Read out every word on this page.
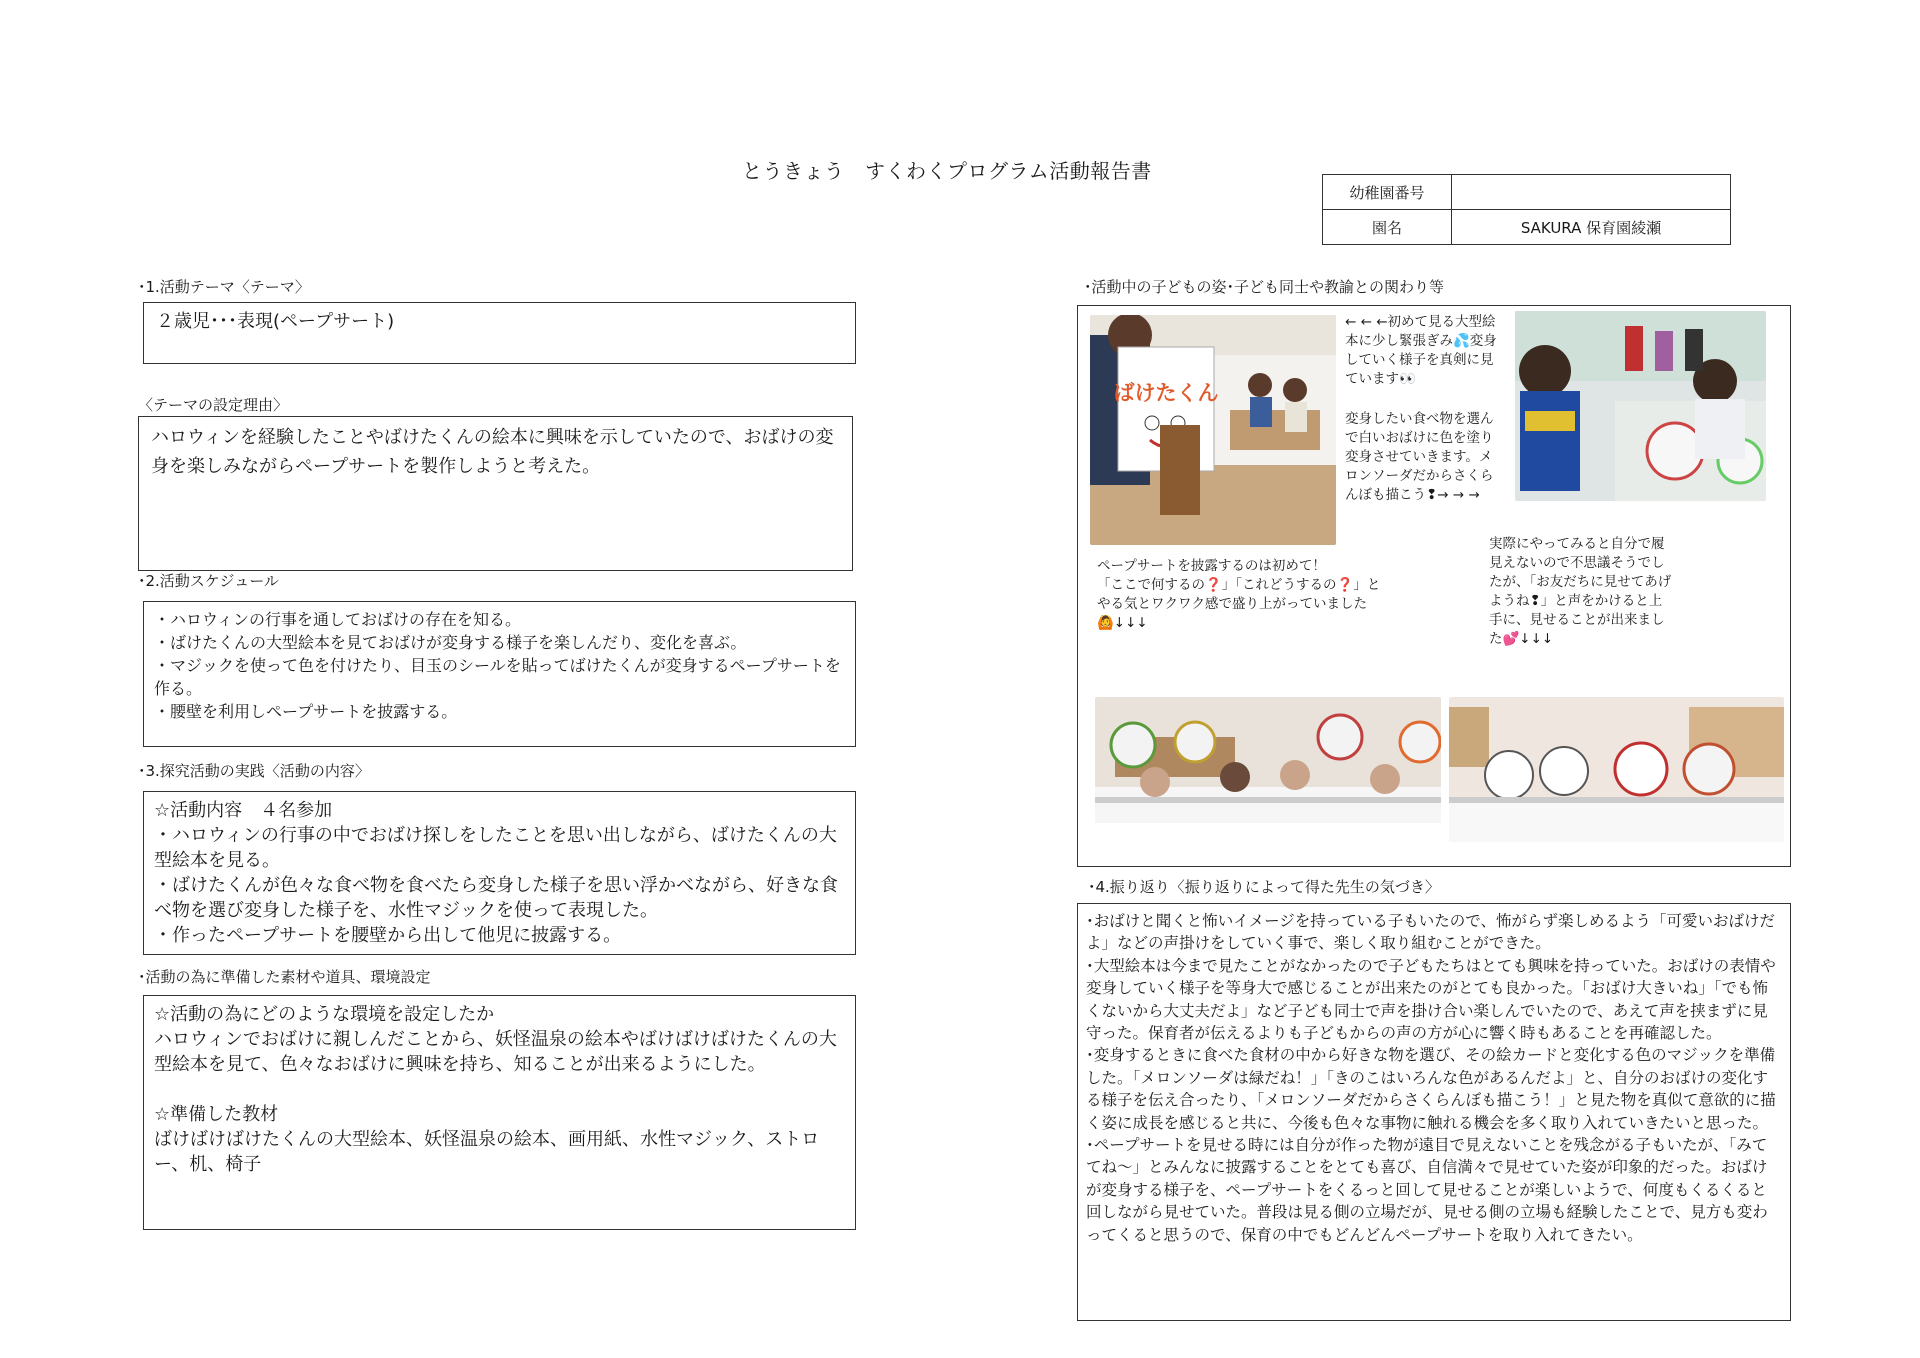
とうきょう　すくわくプログラム活動報告書
幼稚園番号	
園名	SAKURA 保育園綾瀬
･1.活動テーマ〈テーマ〉

２歳児･･･表現(ペープサート)

〈テーマの設定理由〉

ハロウィンを経験したことやばけたくんの絵本に興味を示していたので、おばけの変身を楽しみながらペープサートを製作しようと考えた。

･2.活動スケジュール
・ハロウィンの行事を通しておばけの存在を知る。
・ばけたくんの大型絵本を見ておばけが変身する様子を楽しんだり、変化を喜ぶ。
・マジックを使って色を付けたり、目玉のシールを貼ってばけたくんが変身するペープサートを作る。
・腰壁を利用しペープサートを披露する。
･3.探究活動の実践〈活動の内容〉
☆活動内容　４名参加
・ハロウィンの行事の中でおばけ探しをしたことを思い出しながら、ばけたくんの大型絵本を見る。
・ばけたくんが色々な食べ物を食べたら変身した様子を思い浮かべながら、好きな食べ物を選び変身した様子を、水性マジックを使って表現した。
・作ったペープサートを腰壁から出して他児に披露する。
･活動の為に準備した素材や道具、環境設定

☆活動の為にどのような環境を設定したか

ハロウィンでおばけに親しんだことから、妖怪温泉の絵本やばけばけばけたくんの大型絵本を見て、色々なおばけに興味を持ち、知ることが出来るようにした。

☆準備した教材

ばけばけばけたくんの大型絵本、妖怪温泉の絵本、画用紙、水性マジック、ストロー、机、椅子

･活動中の子どもの姿･子ども同士や教諭との関わり等
ばけたくん
← ← ←初めて見る大型絵本に少し緊張ぎみ💦変身していく様子を真剣に見ています👀
変身したい食べ物を選んで白いおばけに色を塗り変身させていきます。メロンソーダだからさくらんぼも描こう❢→ → →
ペープサートを披露するのは初めて！
「ここで何するの❓」「これどうするの❓」とやる気とワクワク感で盛り上がっていました🙆↓↓↓
実際にやってみると自分で履見えないので不思議そうでしたが、「お友だちに見せてあげようね❢」と声をかけると上手に、見せることが出来ました💕↓↓↓
･4.振り返り〈振り返りによって得た先生の気づき〉

･おばけと聞くと怖いイメージを持っている子もいたので、怖がらず楽しめるよう「可愛いおばけだよ」などの声掛けをしていく事で、楽しく取り組むことができた。

･大型絵本は今まで見たことがなかったので子どもたちはとても興味を持っていた。おばけの表情や変身していく様子を等身大で感じることが出来たのがとても良かった。「おばけ大きいね」「でも怖くないから大丈夫だよ」など子ども同士で声を掛け合い楽しんでいたので、あえて声を挟まずに見守った。保育者が伝えるよりも子どもからの声の方が心に響く時もあることを再確認した。

･変身するときに食べた食材の中から好きな物を選び、その絵カードと変化する色のマジックを準備した。「メロンソーダは緑だね！」「きのこはいろんな色があるんだよ」と、自分のおばけの変化する様子を伝え合ったり、「メロンソーダだからさくらんぼも描こう！」と見た物を真似て意欲的に描く姿に成長を感じると共に、今後も色々な事物に触れる機会を多く取り入れていきたいと思った。

･ペープサートを見せる時には自分が作った物が遠目で見えないことを残念がる子もいたが、「みててね～」とみんなに披露することをとても喜び、自信満々で見せていた姿が印象的だった。おばけが変身する様子を、ペープサートをくるっと回して見せることが楽しいようで、何度もくるくると回しながら見せていた。普段は見る側の立場だが、見せる側の立場も経験したことで、見方も変わってくると思うので、保育の中でもどんどんペープサートを取り入れてきたい。
